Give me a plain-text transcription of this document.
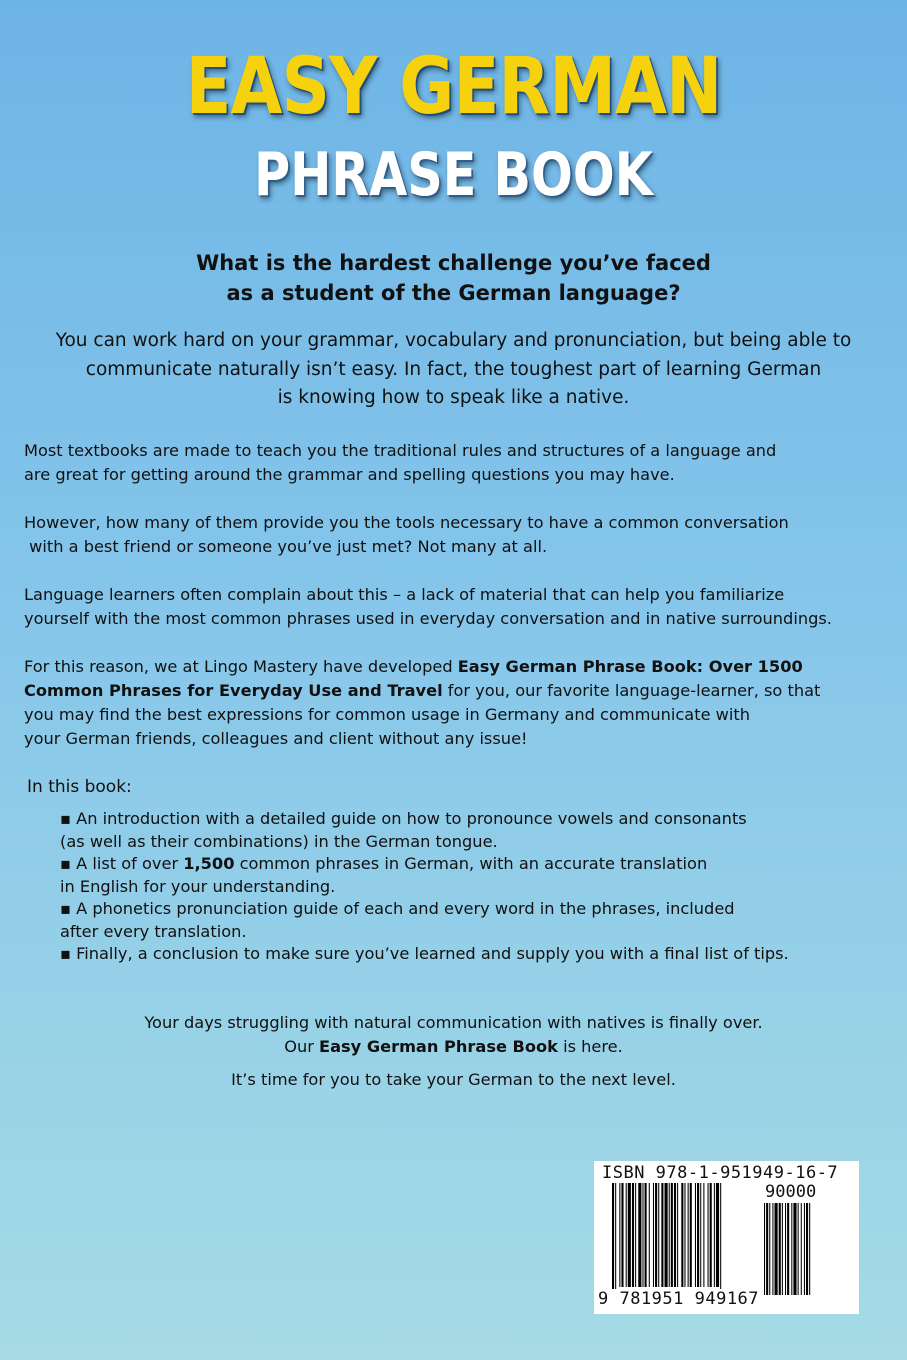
EASY GERMAN
PHRASE BOOK
What is the hardest challenge you’ve faced
as a student of the German language?
You can work hard on your grammar, vocabulary and pronunciation, but being able to
communicate naturally isn’t easy. In fact, the toughest part of learning German
is knowing how to speak like a native.
Most textbooks are made to teach you the traditional rules and structures of a language and
are great for getting around the grammar and spelling questions you may have.
However, how many of them provide you the tools necessary to have a common conversation
with a best friend or someone you’ve just met? Not many at all.
Language learners often complain about this – a lack of material that can help you familiarize
yourself with the most common phrases used in everyday conversation and in native surroundings.
For this reason, we at Lingo Mastery have developed Easy German Phrase Book: Over 1500
Common Phrases for Everyday Use and Travel for you, our favorite language-learner, so that
you may find the best expressions for common usage in Germany and communicate with
your German friends, colleagues and client without any issue!
In this book:
▪ An introduction with a detailed guide on how to pronounce vowels and consonants
(as well as their combinations) in the German tongue.
▪ A list of over 1,500 common phrases in German, with an accurate translation
in English for your understanding.
▪ A phonetics pronunciation guide of each and every word in the phrases, included
after every translation.
▪ Finally, a conclusion to make sure you’ve learned and supply you with a final list of tips.
Your days struggling with natural communication with natives is finally over.
Our Easy German Phrase Book is here.
It’s time for you to take your German to the next level.
ISBN 978-1-951949-16-7
90000
9 781951 949167
